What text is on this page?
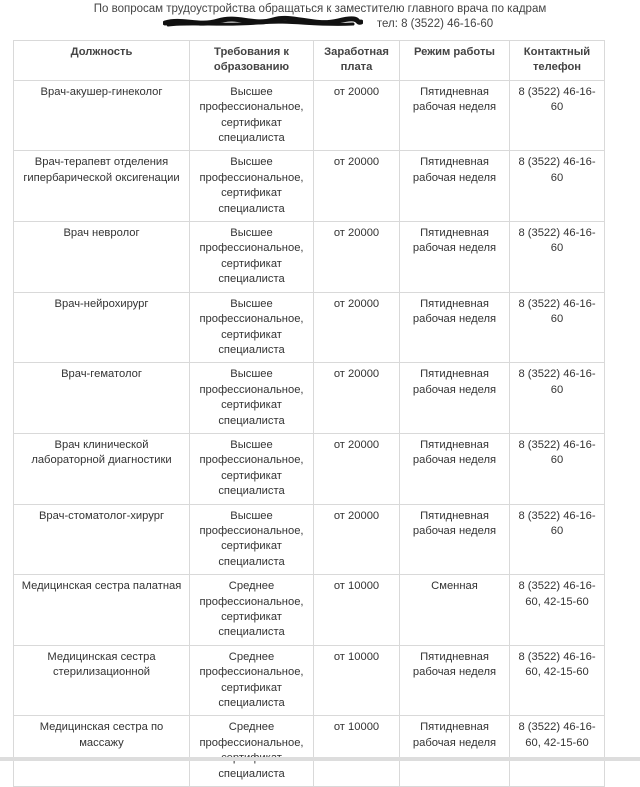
По вопросам трудоустройства обращаться к заместителю главного врача по кадрам
тел: 8 (3522) 46-16-60
Должность	Требования к образованию	Заработная плата	Режим работы	Контактный телефон
Врач-акушер-гинеколог	Высшее профессиональное, сертификат специалиста	от 20000	Пятидневная рабочая неделя	8 (3522) 46-16-60
Врач-терапевт отделения гипербарической оксигенации	Высшее профессиональное, сертификат специалиста	от 20000	Пятидневная рабочая неделя	8 (3522) 46-16-60
Врач невролог	Высшее профессиональное, сертификат специалиста	от 20000	Пятидневная рабочая неделя	8 (3522) 46-16-60
Врач-нейрохирург	Высшее профессиональное, сертификат специалиста	от 20000	Пятидневная рабочая неделя	8 (3522) 46-16-60
Врач-гематолог	Высшее профессиональное, сертификат специалиста	от 20000	Пятидневная рабочая неделя	8 (3522) 46-16-60
Врач клинической лабораторной диагностики	Высшее профессиональное, сертификат специалиста	от 20000	Пятидневная рабочая неделя	8 (3522) 46-16-60
Врач-стоматолог-хирург	Высшее профессиональное, сертификат специалиста	от 20000	Пятидневная рабочая неделя	8 (3522) 46-16-60
Медицинская сестра палатная	Среднее профессиональное, сертификат специалиста	от 10000	Сменная	8 (3522) 46-16-60, 42-15-60
Медицинская сестра стерилизационной	Среднее профессиональное, сертификат специалиста	от 10000	Пятидневная рабочая неделя	8 (3522) 46-16-60, 42-15-60
Медицинская сестра по массажу	Среднее профессиональное, специалиста	от 10000	Пятидневная рабочая неделя	8 (3522) 46-16-60, 42-15-60
